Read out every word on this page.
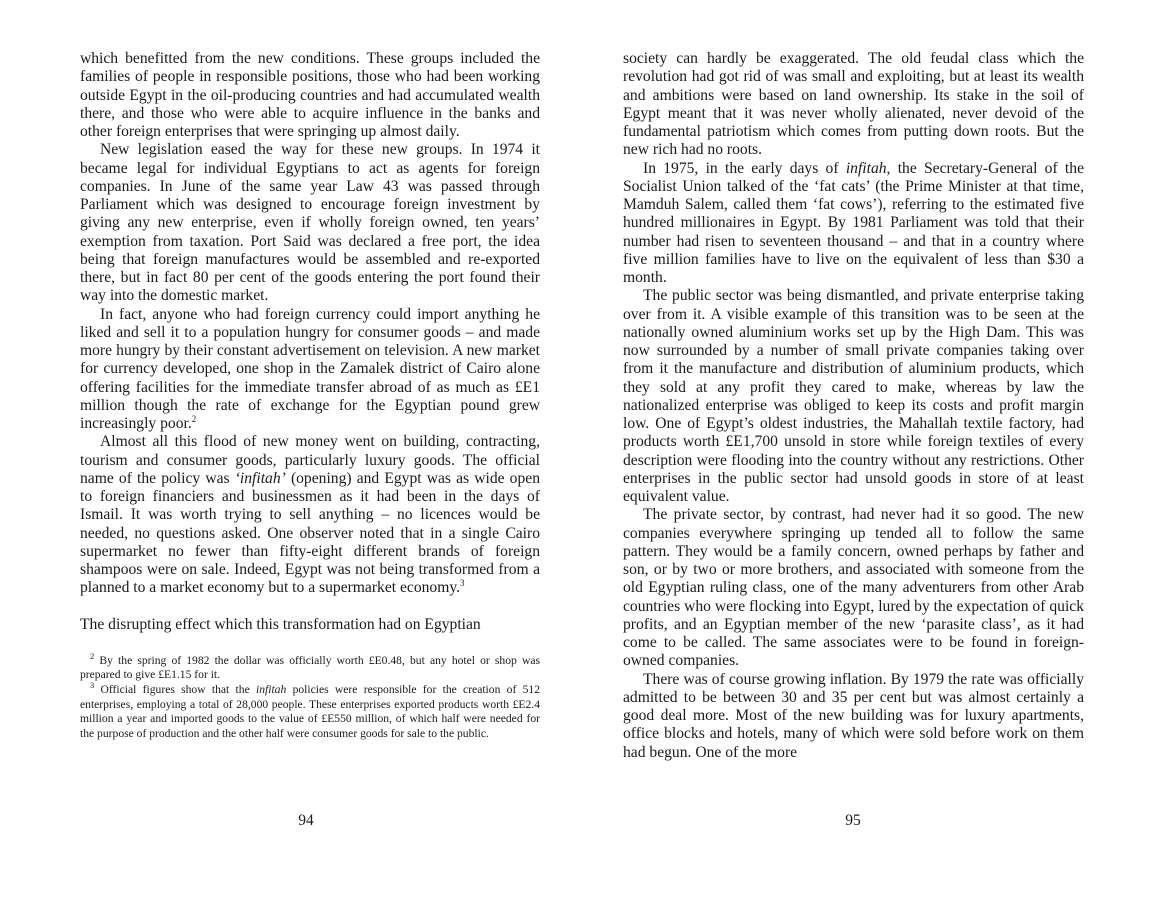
which benefitted from the new conditions. These groups included the families of people in responsible positions, those who had been working outside Egypt in the oil-producing countries and had accumulated wealth there, and those who were able to acquire influence in the banks and other foreign enterprises that were springing up almost daily.

New legislation eased the way for these new groups. In 1974 it became legal for individual Egyptians to act as agents for foreign companies. In June of the same year Law 43 was passed through Parliament which was designed to encourage foreign investment by giving any new enterprise, even if wholly foreign owned, ten years’ exemption from taxation. Port Said was declared a free port, the idea being that foreign manufactures would be assembled and re-exported there, but in fact 80 per cent of the goods entering the port found their way into the domestic market.

In fact, anyone who had foreign currency could import anything he liked and sell it to a population hungry for consumer goods – and made more hungry by their constant advertisement on television. A new market for currency developed, one shop in the Zamalek district of Cairo alone offering facilities for the immediate transfer abroad of as much as £E1 million though the rate of exchange for the Egyptian pound grew increasingly poor.$^2$

Almost all this flood of new money went on building, contracting, tourism and consumer goods, particularly luxury goods. The official name of the policy was ‘infitah’ (opening) and Egypt was as wide open to foreign financiers and businessmen as it had been in the days of Ismail. It was worth trying to sell anything – no licences would be needed, no questions asked. One observer noted that in a single Cairo supermarket no fewer than fifty-eight different brands of foreign shampoos were on sale. Indeed, Egypt was not being transformed from a planned to a market economy but to a supermarket economy.$^3$

The disrupting effect which this transformation had on Egyptian

$^2$ By the spring of 1982 the dollar was officially worth £E0.48, but any hotel or shop was prepared to give £E1.15 for it.

$^3$ Official figures show that the infitah policies were responsible for the creation of 512 enterprises, employing a total of 28,000 people. These enterprises exported products worth £E2.4 million a year and imported goods to the value of £E550 million, of which half were needed for the purpose of production and the other half were consumer goods for sale to the public.

94

society can hardly be exaggerated. The old feudal class which the revolution had got rid of was small and exploiting, but at least its wealth and ambitions were based on land ownership. Its stake in the soil of Egypt meant that it was never wholly alienated, never devoid of the fundamental patriotism which comes from putting down roots. But the new rich had no roots.

In 1975, in the early days of infitah, the Secretary-General of the Socialist Union talked of the ‘fat cats’ (the Prime Minister at that time, Mamduh Salem, called them ‘fat cows’), referring to the estimated five hundred millionaires in Egypt. By 1981 Parliament was told that their number had risen to seventeen thousand – and that in a country where five million families have to live on the equivalent of less than $30 a month.

The public sector was being dismantled, and private enterprise taking over from it. A visible example of this transition was to be seen at the nationally owned aluminium works set up by the High Dam. This was now surrounded by a number of small private companies taking over from it the manufacture and distribution of aluminium products, which they sold at any profit they cared to make, whereas by law the nationalized enterprise was obliged to keep its costs and profit margin low. One of Egypt’s oldest industries, the Mahallah textile factory, had products worth £E1,700 unsold in store while foreign textiles of every description were flooding into the country without any restrictions. Other enterprises in the public sector had unsold goods in store of at least equivalent value.

The private sector, by contrast, had never had it so good. The new companies everywhere springing up tended all to follow the same pattern. They would be a family concern, owned perhaps by father and son, or by two or more brothers, and associated with someone from the old Egyptian ruling class, one of the many adventurers from other Arab countries who were flocking into Egypt, lured by the expectation of quick profits, and an Egyptian member of the new ‘parasite class’, as it had come to be called. The same associates were to be found in foreign-owned companies.

There was of course growing inflation. By 1979 the rate was officially admitted to be between 30 and 35 per cent but was almost certainly a good deal more. Most of the new building was for luxury apartments, office blocks and hotels, many of which were sold before work on them had begun. One of the more

95
